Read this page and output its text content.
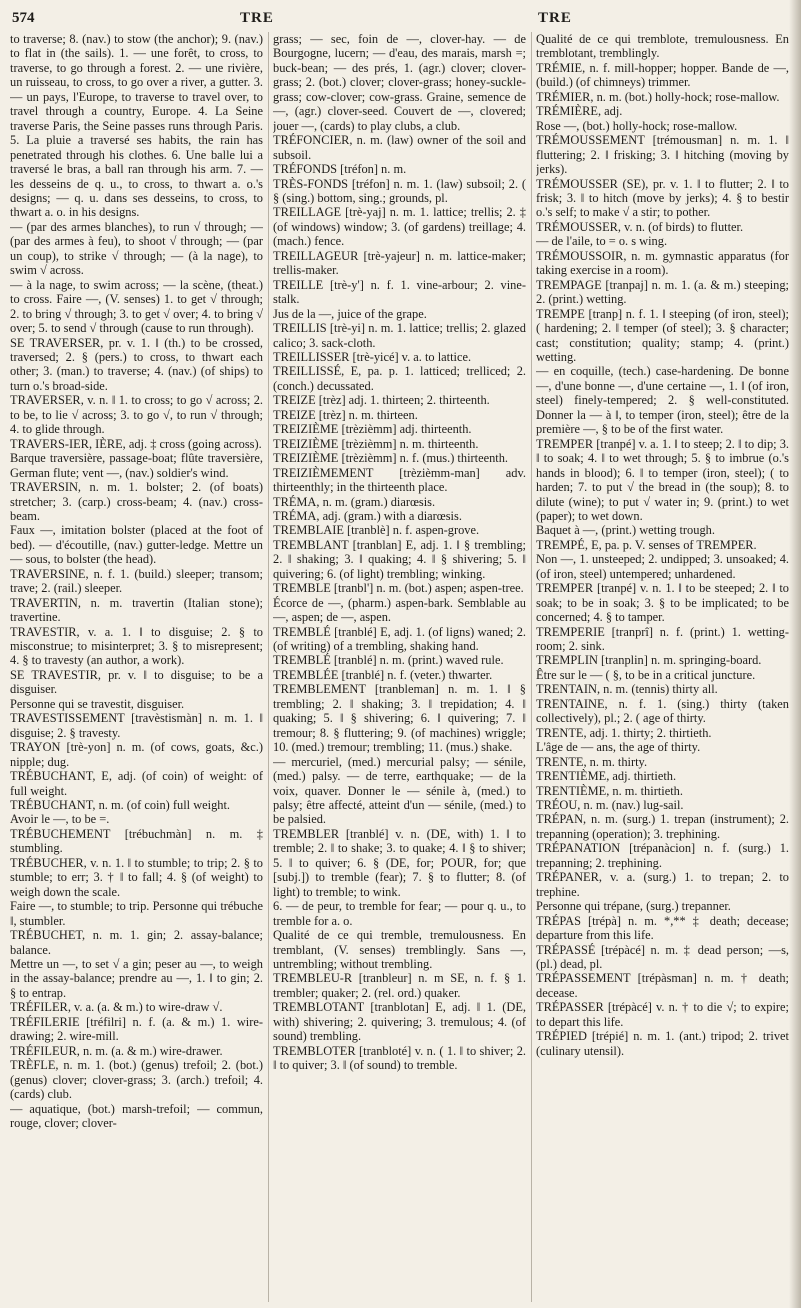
574	TRE	TRE

to traverse; 8. (nav.) to stow (the anchor); 9. (nav.) to flat in (the sails). 1. — une forêt, to cross, to traverse, to go through a forest. 2. — une rivière, un ruisseau, to cross, to go over a river, a gutter. 3. — un pays, l'Europe, to traverse to travel over, to travel through a country, Europe. 4. La Seine traverse Paris, the Seine passes runs through Paris. 5. La pluie a traversé ses habits, the rain has penetrated through his clothes. 6. Une balle lui a traversé le bras, a ball ran through his arm. 7. — les desseins de q. u., to cross, to thwart a. o.'s designs; — q. u. dans ses desseins, to cross, to thwart a. o. in his designs.

— (par des armes blanches), to run √ through; — (par des armes à feu), to shoot √ through; — (par un coup), to strike √ through; — (à la nage), to swim √ across.

— à la nage, to swim across; — la scène, (theat.) to cross. Faire —, (V. senses) 1. to get √ through; 2. to bring √ through; 3. to get √ over; 4. to bring √ over; 5. to send √ through (cause to run through).

SE TRAVERSER, pr. v. 1. ‖ (th.) to be crossed, traversed; 2. § (pers.) to cross, to thwart each other; 3. (man.) to traverse; 4. (nav.) (of ships) to turn o.'s broad-side.

TRAVERSER, v. n. ‖ 1. to cross; to go √ across; 2. to be, to lie √ across; 3. to go √, to run √ through; 4. to glide through.

TRAVERS-IER, IÈRE, adj. ‡ cross (going across).

Barque traversière, passage-boat; flûte traversière, German flute; vent —, (nav.) soldier's wind.

TRAVERSIN, n. m. 1. bolster; 2. (of boats) stretcher; 3. (carp.) cross-beam; 4. (nav.) cross-beam.

Faux —, imitation bolster (placed at the foot of bed). — d'écoutille, (nav.) gutter-ledge. Mettre un — sous, to bolster (the head).

TRAVERSINE, n. f. 1. (build.) sleeper; transom; trave; 2. (rail.) sleeper.

TRAVERTIN, n. m. travertin (Italian stone); travertine.

TRAVESTIR, v. a. 1. ‖ to disguise; 2. § to misconstrue; to misinterpret; 3. § to misrepresent; 4. § to travesty (an author, a work).

SE TRAVESTIR, pr. v. ‖ to disguise; to be a disguiser.

Personne qui se travestit, disguiser.

TRAVESTISSEMENT [travèstismàn] n. m. 1. ‖ disguise; 2. § travesty.

TRAYON [trè-yon] n. m. (of cows, goats, &c.) nipple; dug.

TRÉBUCHANT, E, adj. (of coin) of weight: of full weight.

TRÉBUCHANT, n. m. (of coin) full weight.

Avoir le —, to be =.

TRÉBUCHEMENT [trébuchmàn] n. m. ‡ stumbling.

TRÉBUCHER, v. n. 1. ‖ to stumble; to trip; 2. § to stumble; to err; 3. † ‖ to fall; 4. § (of weight) to weigh down the scale.

Faire —, to stumble; to trip. Personne qui trébuche ‖, stumbler.

TRÉBUCHET, n. m. 1. gin; 2. assay-balance; balance.

Mettre un —, to set √ a gin; peser au —, to weigh in the assay-balance; prendre au —, 1. ‖ to gin; 2. § to entrap.

TRÉFILER, v. a. (a. & m.) to wire-draw √.

TRÉFILERIE [tréfilri] n. f. (a. & m.) 1. wire-drawing; 2. wire-mill.

TRÉFILEUR, n. m. (a. & m.) wire-drawer.

TRÈFLE, n. m. 1. (bot.) (genus) trefoil; 2. (bot.) (genus) clover; clover-grass; 3. (arch.) trefoil; 4. (cards) club.

— aquatique, (bot.) marsh-trefoil; — commun, rouge, clover; clover-

grass; — sec, foin de —, clover-hay. — de Bourgogne, lucern; — d'eau, des marais, marsh =; buck-bean; — des prés, 1. (agr.) clover; clover-grass; 2. (bot.) clover; clover-grass; honey-suckle-grass; cow-clover; cow-grass. Graine, semence de —, (agr.) clover-seed. Couvert de —, clovered; jouer —, (cards) to play clubs, a club.

TRÉFONCIER, n. m. (law) owner of the soil and subsoil.

TRÉFONDS [tréfon] n. m.

TRÈS-FONDS [tréfon] n. m. 1. (law) subsoil; 2. ( § (sing.) bottom, sing.; grounds, pl.

TREILLAGE [trè-yaj] n. m. 1. lattice; trellis; 2. ‡ (of windows) window; 3. (of gardens) treillage; 4. (mach.) fence.

TREILLAGEUR [trè-yajeur] n. m. lattice-maker; trellis-maker.

TREILLE [trè-y'] n. f. 1. vine-arbour; 2. vine-stalk.

Jus de la —, juice of the grape.

TREILLIS [trè-yi] n. m. 1. lattice; trellis; 2. glazed calico; 3. sack-cloth.

TREILLISSER [trè-yicé] v. a. to lattice.

TREILLISSÉ, E, pa. p. 1. latticed; trelliced; 2. (conch.) decussated.

TREIZE [trèz] adj. 1. thirteen; 2. thirteenth.

TREIZE [trèz] n. m. thirteen.

TREIZIÈME [trèzièmm] adj. thirteenth.

TREIZIÈME [trèzièmm] n. m. thirteenth.

TREIZIÈME [trèzièmm] n. f. (mus.) thirteenth.

TREIZIÈMEMENT [trèzièmm-man] adv. thirteenthly; in the thirteenth place.

TRÉMA, n. m. (gram.) diarœsis.

TRÉMA, adj. (gram.) with a diarœsis.

TREMBLAIE [tranblè] n. f. aspen-grove.

TREMBLANT [tranblan] E, adj. 1. ‖ § trembling; 2. ‖ shaking; 3. ‖ quaking; 4. ‖ § shivering; 5. ‖ quivering; 6. (of light) trembling; winking.

TREMBLE [tranbl'] n. m. (bot.) aspen; aspen-tree.

Écorce de —, (pharm.) aspen-bark. Semblable au —, aspen; de —, aspen.

TREMBLÉ [tranblé] E, adj. 1. (of ligns) waned; 2. (of writing) of a trembling, shaking hand.

TREMBLÉ [tranblé] n. m. (print.) waved rule.

TREMBLÉE [tranblé] n. f. (veter.) thwarter.

TREMBLEMENT [tranbleman] n. m. 1. ‖ § trembling; 2. ‖ shaking; 3. ‖ trepidation; 4. ‖ quaking; 5. ‖ § shivering; 6. ‖ quivering; 7. ‖ tremour; 8. § fluttering; 9. (of machines) wriggle; 10. (med.) tremour; trembling; 11. (mus.) shake.

— mercuriel, (med.) mercurial palsy; — sénile, (med.) palsy. — de terre, earthquake; — de la voix, quaver. Donner le — sénile à, (med.) to palsy; être affecté, atteint d'un — sénile, (med.) to be palsied.

TREMBLER [tranblé] v. n. (DE, with) 1. ‖ to tremble; 2. ‖ to shake; 3. to quake; 4. ‖ § to shiver; 5. ‖ to quiver; 6. § (DE, for; POUR, for; que [subj.]) to tremble (fear); 7. § to flutter; 8. (of light) to tremble; to wink.

6. — de peur, to tremble for fear; — pour q. u., to tremble for a. o.

Qualité de ce qui tremble, tremulousness. En tremblant, (V. senses) tremblingly. Sans —, untrembling; without trembling.

TREMBLEU-R [tranbleur] n. m SE, n. f. § 1. trembler; quaker; 2. (rel. ord.) quaker.

TREMBLOTANT [tranblotan] E, adj. ‖ 1. (DE, with) shivering; 2. quivering; 3. tremulous; 4. (of sound) trembling.

TREMBLOTER [tranbloté] v. n. ( 1. ‖ to shiver; 2. ‖ to quiver; 3. ‖ (of sound) to tremble.

Qualité de ce qui tremblote, tremulousness. En tremblotant, tremblingly.

TRÉMIE, n. f. mill-hopper; hopper. Bande de —, (build.) (of chimneys) trimmer.

TRÉMIER, n. m. (bot.) holly-hock; rose-mallow.

TRÉMIÈRE, adj.

Rose —, (bot.) holly-hock; rose-mallow.

TRÉMOUSSEMENT [trémousman] n. m. 1. ‖ fluttering; 2. ‖ frisking; 3. ‖ hitching (moving by jerks).

TRÉMOUSSER (SE), pr. v. 1. ‖ to flutter; 2. ‖ to frisk; 3. ‖ to hitch (move by jerks); 4. § to bestir o.'s self; to make √ a stir; to pother.

TRÉMOUSSER, v. n. (of birds) to flutter.

— de l'aile, to = o. s wing.

TRÉMOUSSOIR, n. m. gymnastic apparatus (for taking exercise in a room).

TREMPAGE [tranpaj] n. m. 1. (a. & m.) steeping; 2. (print.) wetting.

TREMPE [tranp] n. f. 1. ‖ steeping (of iron, steel); ( hardening; 2. ‖ temper (of steel); 3. § character; cast; constitution; quality; stamp; 4. (print.) wetting.

— en coquille, (tech.) case-hardening. De bonne —, d'une bonne —, d'une certaine —, 1. ‖ (of iron, steel) finely-tempered; 2. § well-constituted. Donner la — à ‖, to temper (iron, steel); être de la première —, § to be of the first water.

TREMPER [tranpé] v. a. 1. ‖ to steep; 2. ‖ to dip; 3. ‖ to soak; 4. ‖ to wet through; 5. § to imbrue (o.'s hands in blood); 6. ‖ to temper (iron, steel); ( to harden; 7. to put √ the bread in (the soup); 8. to dilute (wine); to put √ water in; 9. (print.) to wet (paper); to wet down.

Baquet à —, (print.) wetting trough.

TREMPÉ, E, pa. p. V. senses of TREMPER.

Non —, 1. unsteeped; 2. undipped; 3. unsoaked; 4. (of iron, steel) untempered; unhardened.

TREMPER [tranpé] v. n. 1. ‖ to be steeped; 2. ‖ to soak; to be in soak; 3. § to be implicated; to be concerned; 4. § to tamper.

TREMPERIE [tranprî] n. f. (print.) 1. wetting-room; 2. sink.

TREMPLIN [tranplin] n. m. springing-board.

Être sur le — ( §, to be in a critical juncture.

TRENTAIN, n. m. (tennis) thirty all.

TRENTAINE, n. f. 1. (sing.) thirty (taken collectively), pl.; 2. ( age of thirty.

TRENTE, adj. 1. thirty; 2. thirtieth.

L'âge de — ans, the age of thirty.

TRENTE, n. m. thirty.

TRENTIÈME, adj. thirtieth.

TRENTIÈME, n. m. thirtieth.

TRÉOU, n. m. (nav.) lug-sail.

TRÉPAN, n. m. (surg.) 1. trepan (instrument); 2. trepanning (operation); 3. trephining.

TRÉPANATION [trépanàcion] n. f. (surg.) 1. trepanning; 2. trephining.

TRÉPANER, v. a. (surg.) 1. to trepan; 2. to trephine.

Personne qui trépane, (surg.) trepanner.

TRÉPAS [trépà] n. m. *,** ‡ death; decease; departure from this life.

TRÉPASSÉ [trépàcé] n. m. ‡ dead person; —s, (pl.) dead, pl.

TRÉPASSEMENT [trépàsman] n. m. † death; decease.

TRÉPASSER [trépàcé] v. n. † to die √; to expire; to depart this life.

TRÉPIED [trépié] n. m. 1. (ant.) tripod; 2. trivet (culinary utensil).
